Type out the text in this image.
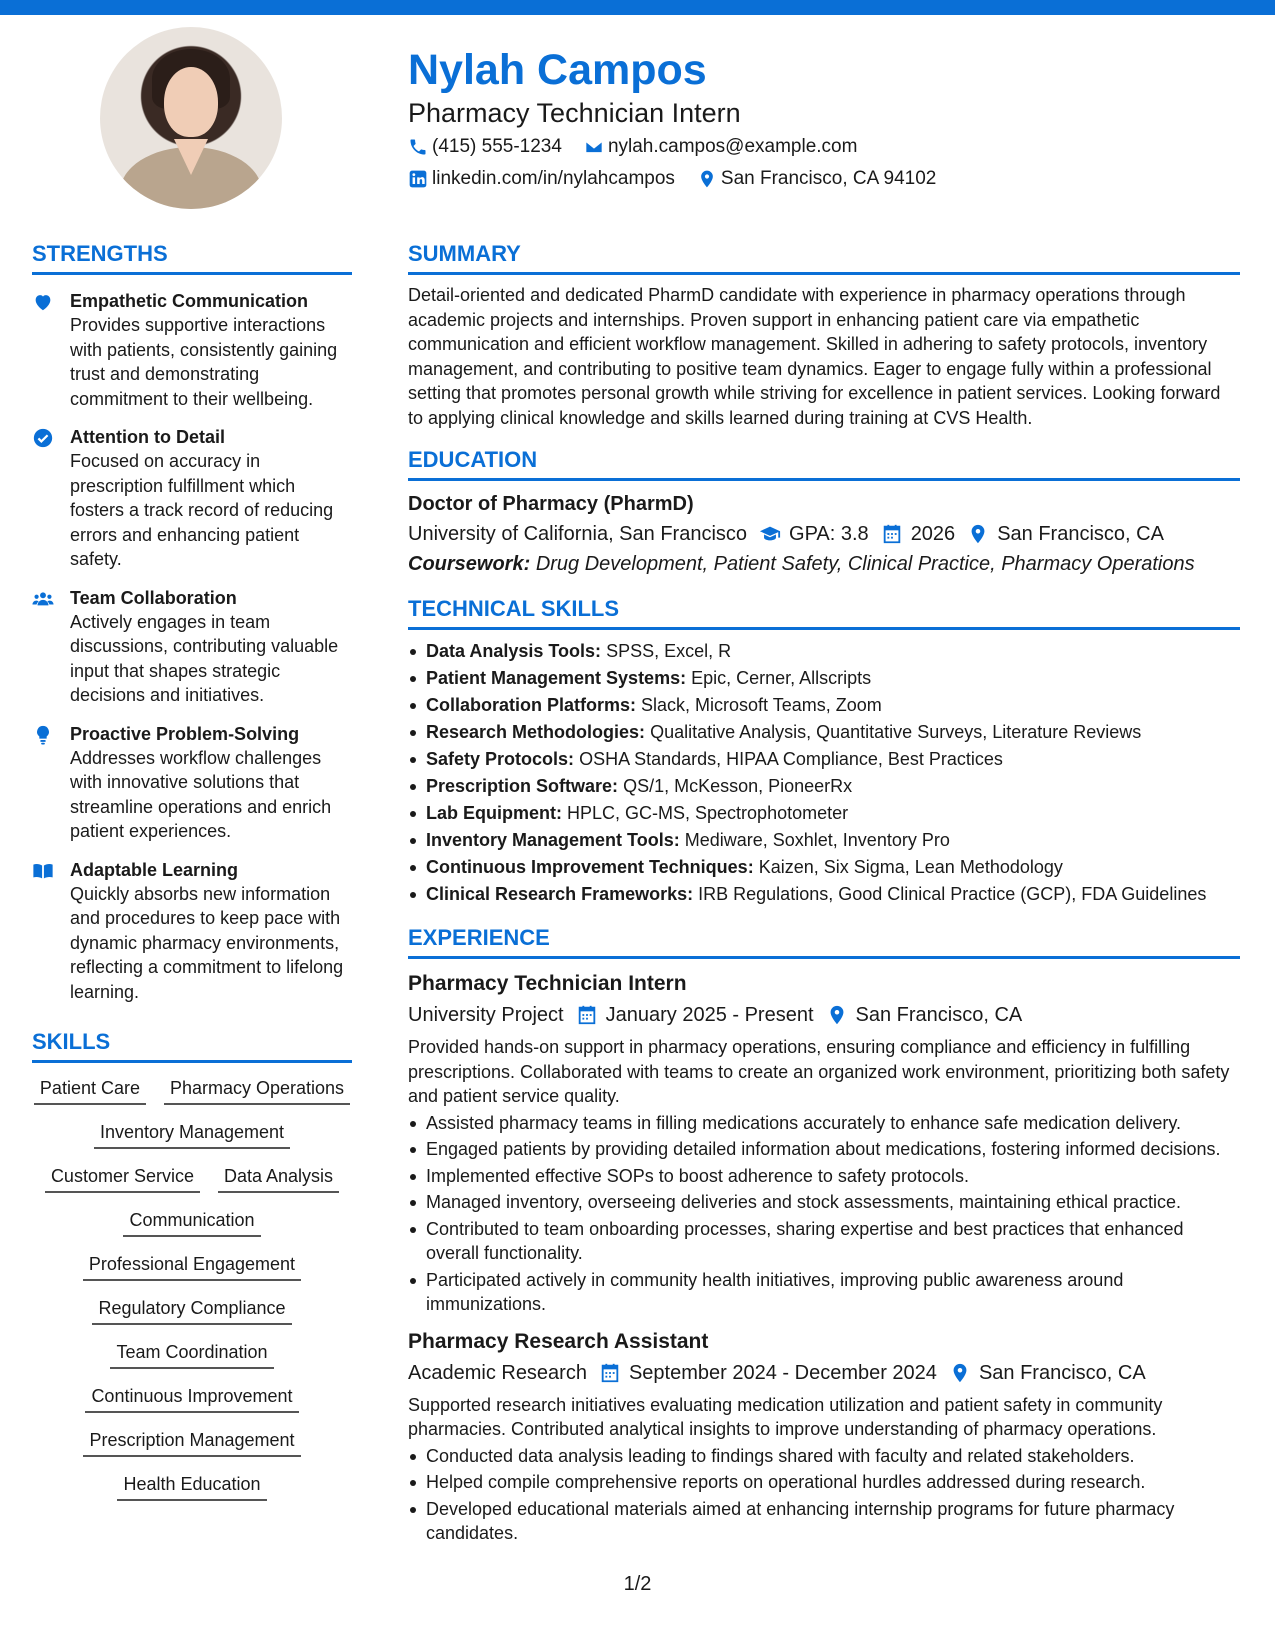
Nylah Campos
Pharmacy Technician Intern
(415) 555-1234 nylah.campos@example.com
linkedin.com/in/nylahcampos San Francisco, CA 94102
STRENGTHS
Empathetic Communication
Provides supportive interactions with patients, consistently gaining trust and demonstrating commitment to their wellbeing.
Attention to Detail
Focused on accuracy in prescription fulfillment which fosters a track record of reducing errors and enhancing patient safety.
Team Collaboration
Actively engages in team discussions, contributing valuable input that shapes strategic decisions and initiatives.
Proactive Problem-Solving
Addresses workflow challenges with innovative solutions that streamline operations and enrich patient experiences.
Adaptable Learning
Quickly absorbs new information and procedures to keep pace with dynamic pharmacy environments, reflecting a commitment to lifelong learning.
SKILLS
Patient Care	Pharmacy Operations
Inventory Management
Customer Service	Data Analysis
Communication
Professional Engagement
Regulatory Compliance
Team Coordination
Continuous Improvement
Prescription Management
Health Education
SUMMARY
Detail-oriented and dedicated PharmD candidate with experience in pharmacy operations through academic projects and internships. Proven support in enhancing patient care via empathetic communication and efficient workflow management. Skilled in adhering to safety protocols, inventory management, and contributing to positive team dynamics. Eager to engage fully within a professional setting that promotes personal growth while striving for excellence in patient services. Looking forward to applying clinical knowledge and skills learned during training at CVS Health.
EDUCATION
Doctor of Pharmacy (PharmD)
University of California, San Francisco GPA: 3.8 2026 San Francisco, CA
Coursework: Drug Development, Patient Safety, Clinical Practice, Pharmacy Operations
TECHNICAL SKILLS
Data Analysis Tools: SPSS, Excel, R
Patient Management Systems: Epic, Cerner, Allscripts
Collaboration Platforms: Slack, Microsoft Teams, Zoom
Research Methodologies: Qualitative Analysis, Quantitative Surveys, Literature Reviews
Safety Protocols: OSHA Standards, HIPAA Compliance, Best Practices
Prescription Software: QS/1, McKesson, PioneerRx
Lab Equipment: HPLC, GC-MS, Spectrophotometer
Inventory Management Tools: Mediware, Soxhlet, Inventory Pro
Continuous Improvement Techniques: Kaizen, Six Sigma, Lean Methodology
Clinical Research Frameworks: IRB Regulations, Good Clinical Practice (GCP), FDA Guidelines
EXPERIENCE
Pharmacy Technician Intern
University Project January 2025 - Present San Francisco, CA
Provided hands-on support in pharmacy operations, ensuring compliance and efficiency in fulfilling prescriptions. Collaborated with teams to create an organized work environment, prioritizing both safety and patient service quality.
Assisted pharmacy teams in filling medications accurately to enhance safe medication delivery.
Engaged patients by providing detailed information about medications, fostering informed decisions.
Implemented effective SOPs to boost adherence to safety protocols.
Managed inventory, overseeing deliveries and stock assessments, maintaining ethical practice.
Contributed to team onboarding processes, sharing expertise and best practices that enhanced overall functionality.
Participated actively in community health initiatives, improving public awareness around immunizations.
Pharmacy Research Assistant
Academic Research September 2024 - December 2024 San Francisco, CA
Supported research initiatives evaluating medication utilization and patient safety in community pharmacies. Contributed analytical insights to improve understanding of pharmacy operations.
Conducted data analysis leading to findings shared with faculty and related stakeholders.
Helped compile comprehensive reports on operational hurdles addressed during research.
Developed educational materials aimed at enhancing internship programs for future pharmacy candidates.
1/2
